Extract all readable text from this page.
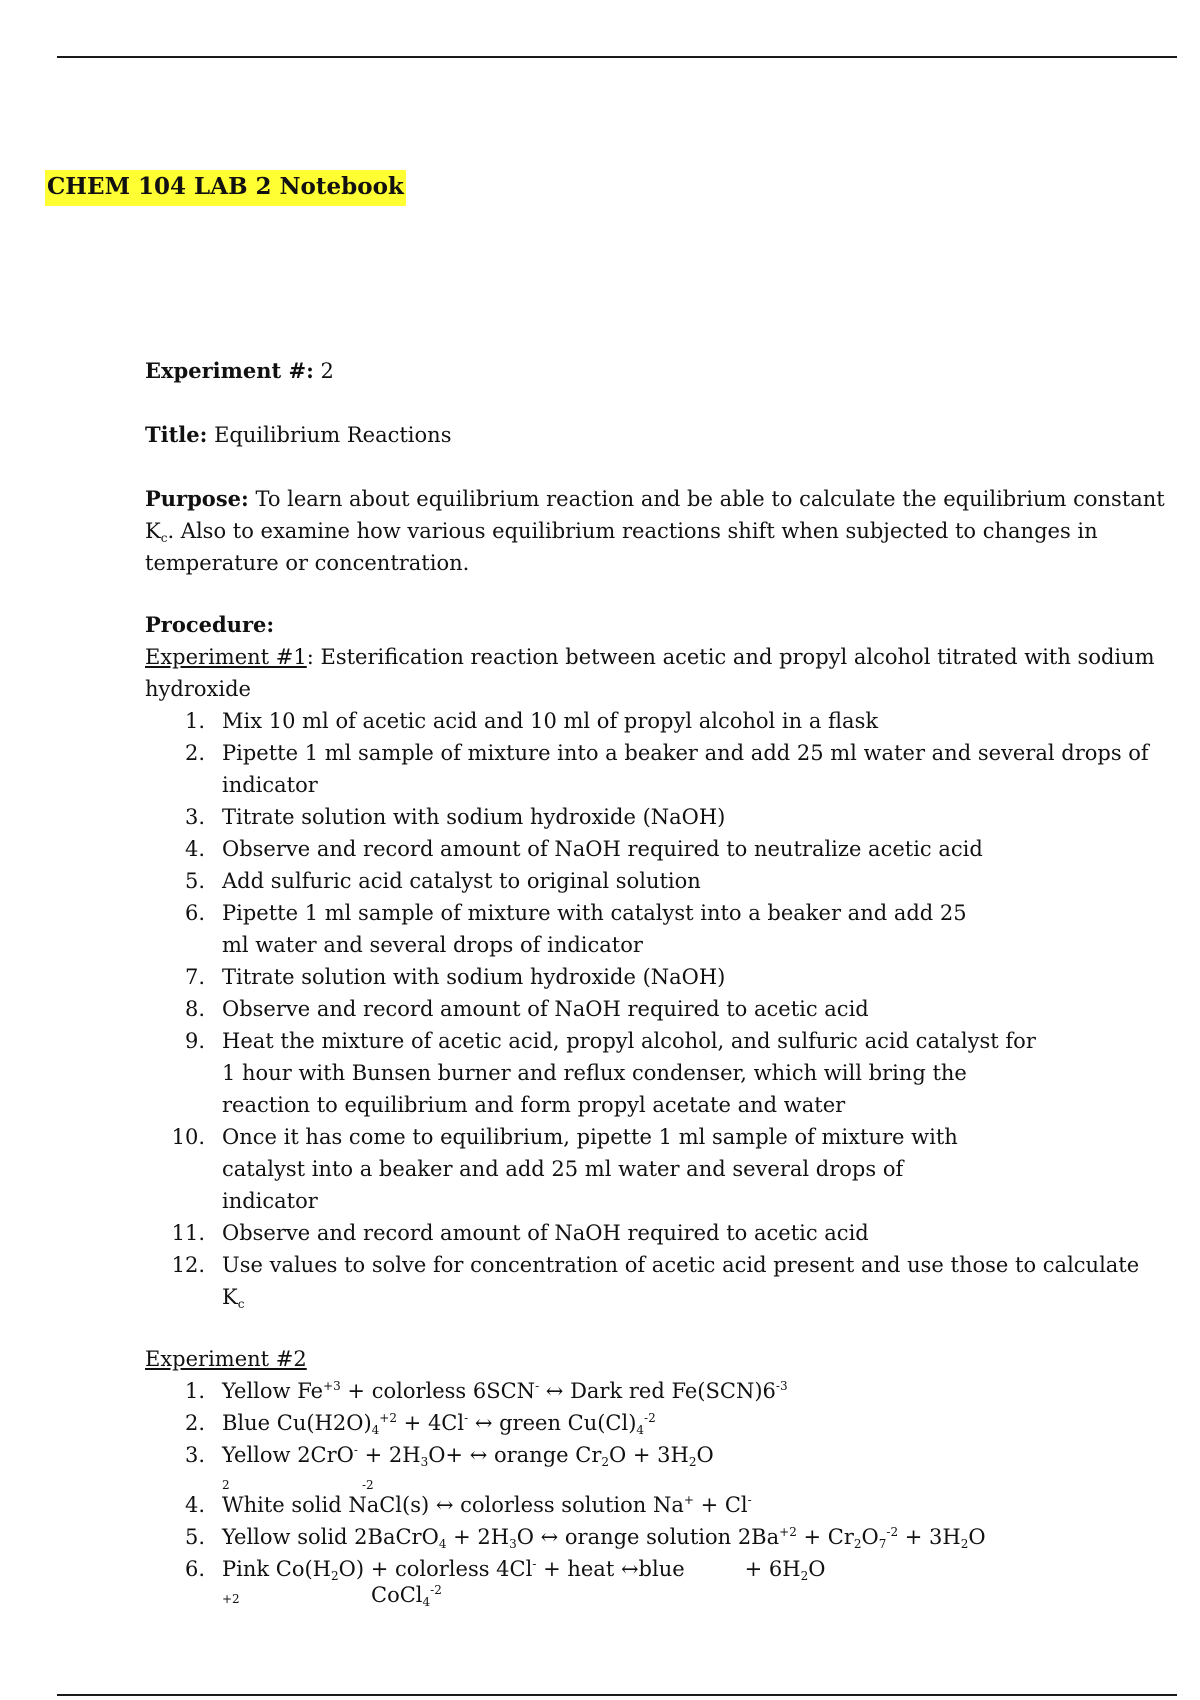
CHEM 104 LAB 2 Notebook

Experiment #: 2

Title: Equilibrium Reactions

Purpose: To learn about equilibrium reaction and be able to calculate the equilibrium constant
$K_c$. Also to examine how various equilibrium reactions shift when subjected to changes in
temperature or concentration.
Procedure:
Experiment #1: Esterification reaction between acetic and propyl alcohol titrated with sodium hydroxide
1. Mix 10 ml of acetic acid and 10 ml of propyl alcohol in a flask
2. Pipette 1 ml sample of mixture into a beaker and add 25 ml water and several drops of indicator
3. Titrate solution with sodium hydroxide (NaOH)
4. Observe and record amount of NaOH required to neutralize acetic acid
5. Add sulfuric acid catalyst to original solution
6. Pipette 1 ml sample of mixture with catalyst into a beaker and add 25 ml water and several drops of indicator
7. Titrate solution with sodium hydroxide (NaOH)
8. Observe and record amount of NaOH required to acetic acid
9. Heat the mixture of acetic acid, propyl alcohol, and sulfuric acid catalyst for 1 hour with Bunsen burner and reflux condenser, which will bring the reaction to equilibrium and form propyl acetate and water
10. Once it has come to equilibrium, pipette 1 ml sample of mixture with catalyst into a beaker and add 25 ml water and several drops of indicator
11. Observe and record amount of NaOH required to acetic acid
12. Use values to solve for concentration of acetic acid present and use those to calculate $K_c$
Experiment #2
1. Yellow $Fe^{+3}$ + colorless 6SCN- ↔ Dark red $Fe(SCN)6^{-3}$
2. Blue $Cu(H2O)_4^{+2} + 4Cl^-$ ↔ green $Cu(Cl)_4^{-2}$
3. Yellow $2CrO^- + 2H_3O+$ ↔ orange $Cr_2O + 3H_2O$
2	-2
4. White solid NaCl(s) ↔ colorless solution Na+ + Cl-
5. Yellow solid 2BaCrO$_4$ + $2H_3O$ ↔ orange solution $2Ba^{+2} + Cr_2O_7^{-2} + 3H_2O$
6. Pink $Co(H_2O)$ + colorless 4Cl- + heat ↔blue	+ $6H_2O$
+2	CoCl$_4^{-2}$
